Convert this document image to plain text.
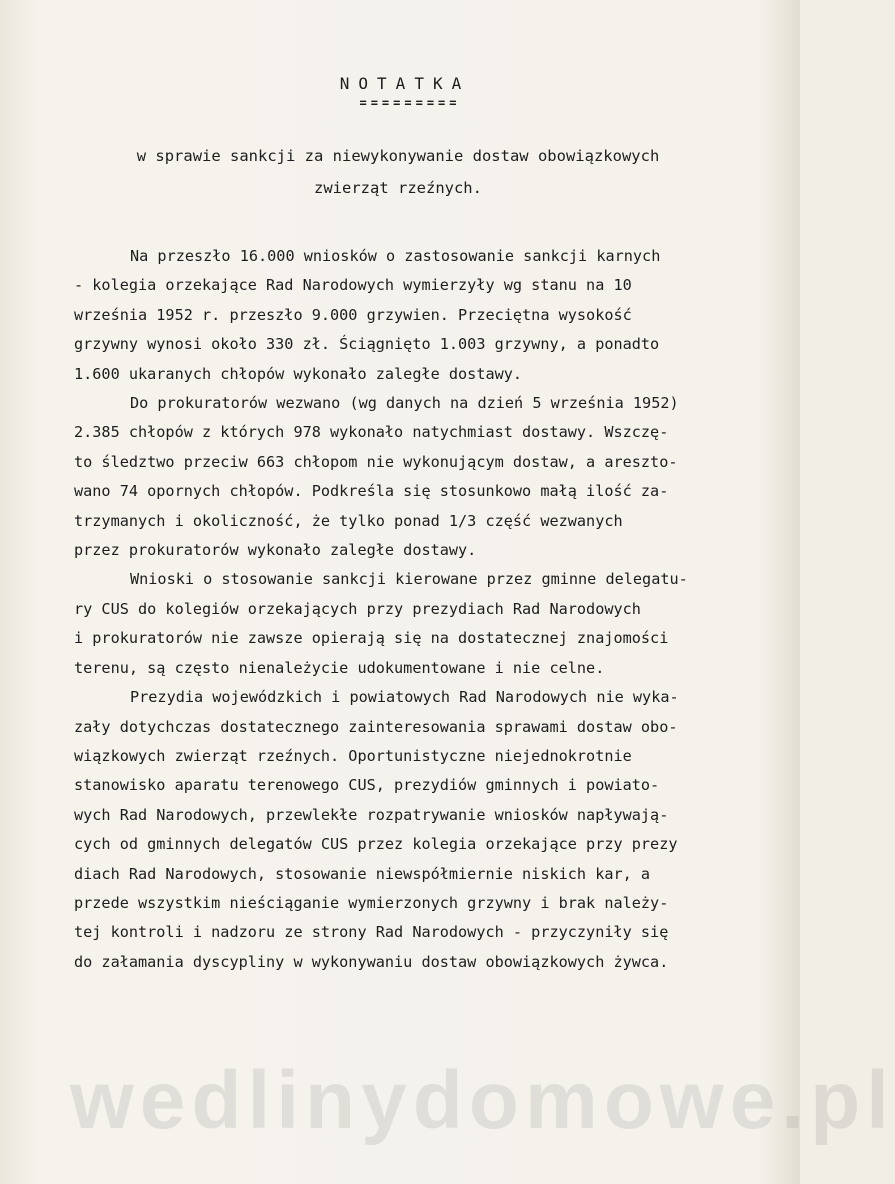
NOTATKA
=========
w sprawie sankcji za niewykonywanie dostaw obowiązkowych
zwierząt rzeźnych.
Na przeszło 16.000 wniosków o zastosowanie sankcji karnych
- kolegia orzekające Rad Narodowych wymierzyły wg stanu na 10
września 1952 r. przeszło 9.000 grzywien. Przeciętna wysokość
grzywny wynosi około 330 zł. Ściągnięto 1.003 grzywny, a ponadto
1.600 ukaranych chłopów wykonało zaległe dostawy.
Do prokuratorów wezwano (wg danych na dzień 5 września 1952)
2.385 chłopów z których 978 wykonało natychmiast dostawy. Wszczę-
to śledztwo przeciw 663 chłopom nie wykonującym dostaw, a areszto-
wano 74 opornych chłopów. Podkreśla się stosunkowo małą ilość za-
trzymanych i okoliczność, że tylko ponad 1/3 część wezwanych
przez prokuratorów wykonało zaległe dostawy.
Wnioski o stosowanie sankcji kierowane przez gminne delegatu-
ry CUS do kolegiów orzekających przy prezydiach Rad Narodowych
i prokuratorów nie zawsze opierają się na dostatecznej znajomości
terenu, są często nienależycie udokumentowane i nie celne.
Prezydia wojewódzkich i powiatowych Rad Narodowych nie wyka-
zały dotychczas dostatecznego zainteresowania sprawami dostaw obo-
wiązkowych zwierząt rzeźnych. Oportunistyczne niejednokrotnie
stanowisko aparatu terenowego CUS, prezydiów gminnych i powiato-
wych Rad Narodowych, przewlekłe rozpatrywanie wniosków napływają-
cych od gminnych delegatów CUS przez kolegia orzekające przy prezy
diach Rad Narodowych, stosowanie niewspółmiernie niskich kar, a
przede wszystkim nieściąganie wymierzonych grzywny i brak należy-
tej kontroli i nadzoru ze strony Rad Narodowych - przyczyniły się
do załamania dyscypliny w wykonywaniu dostaw obowiązkowych żywca.
wedlinydomowe.pl
